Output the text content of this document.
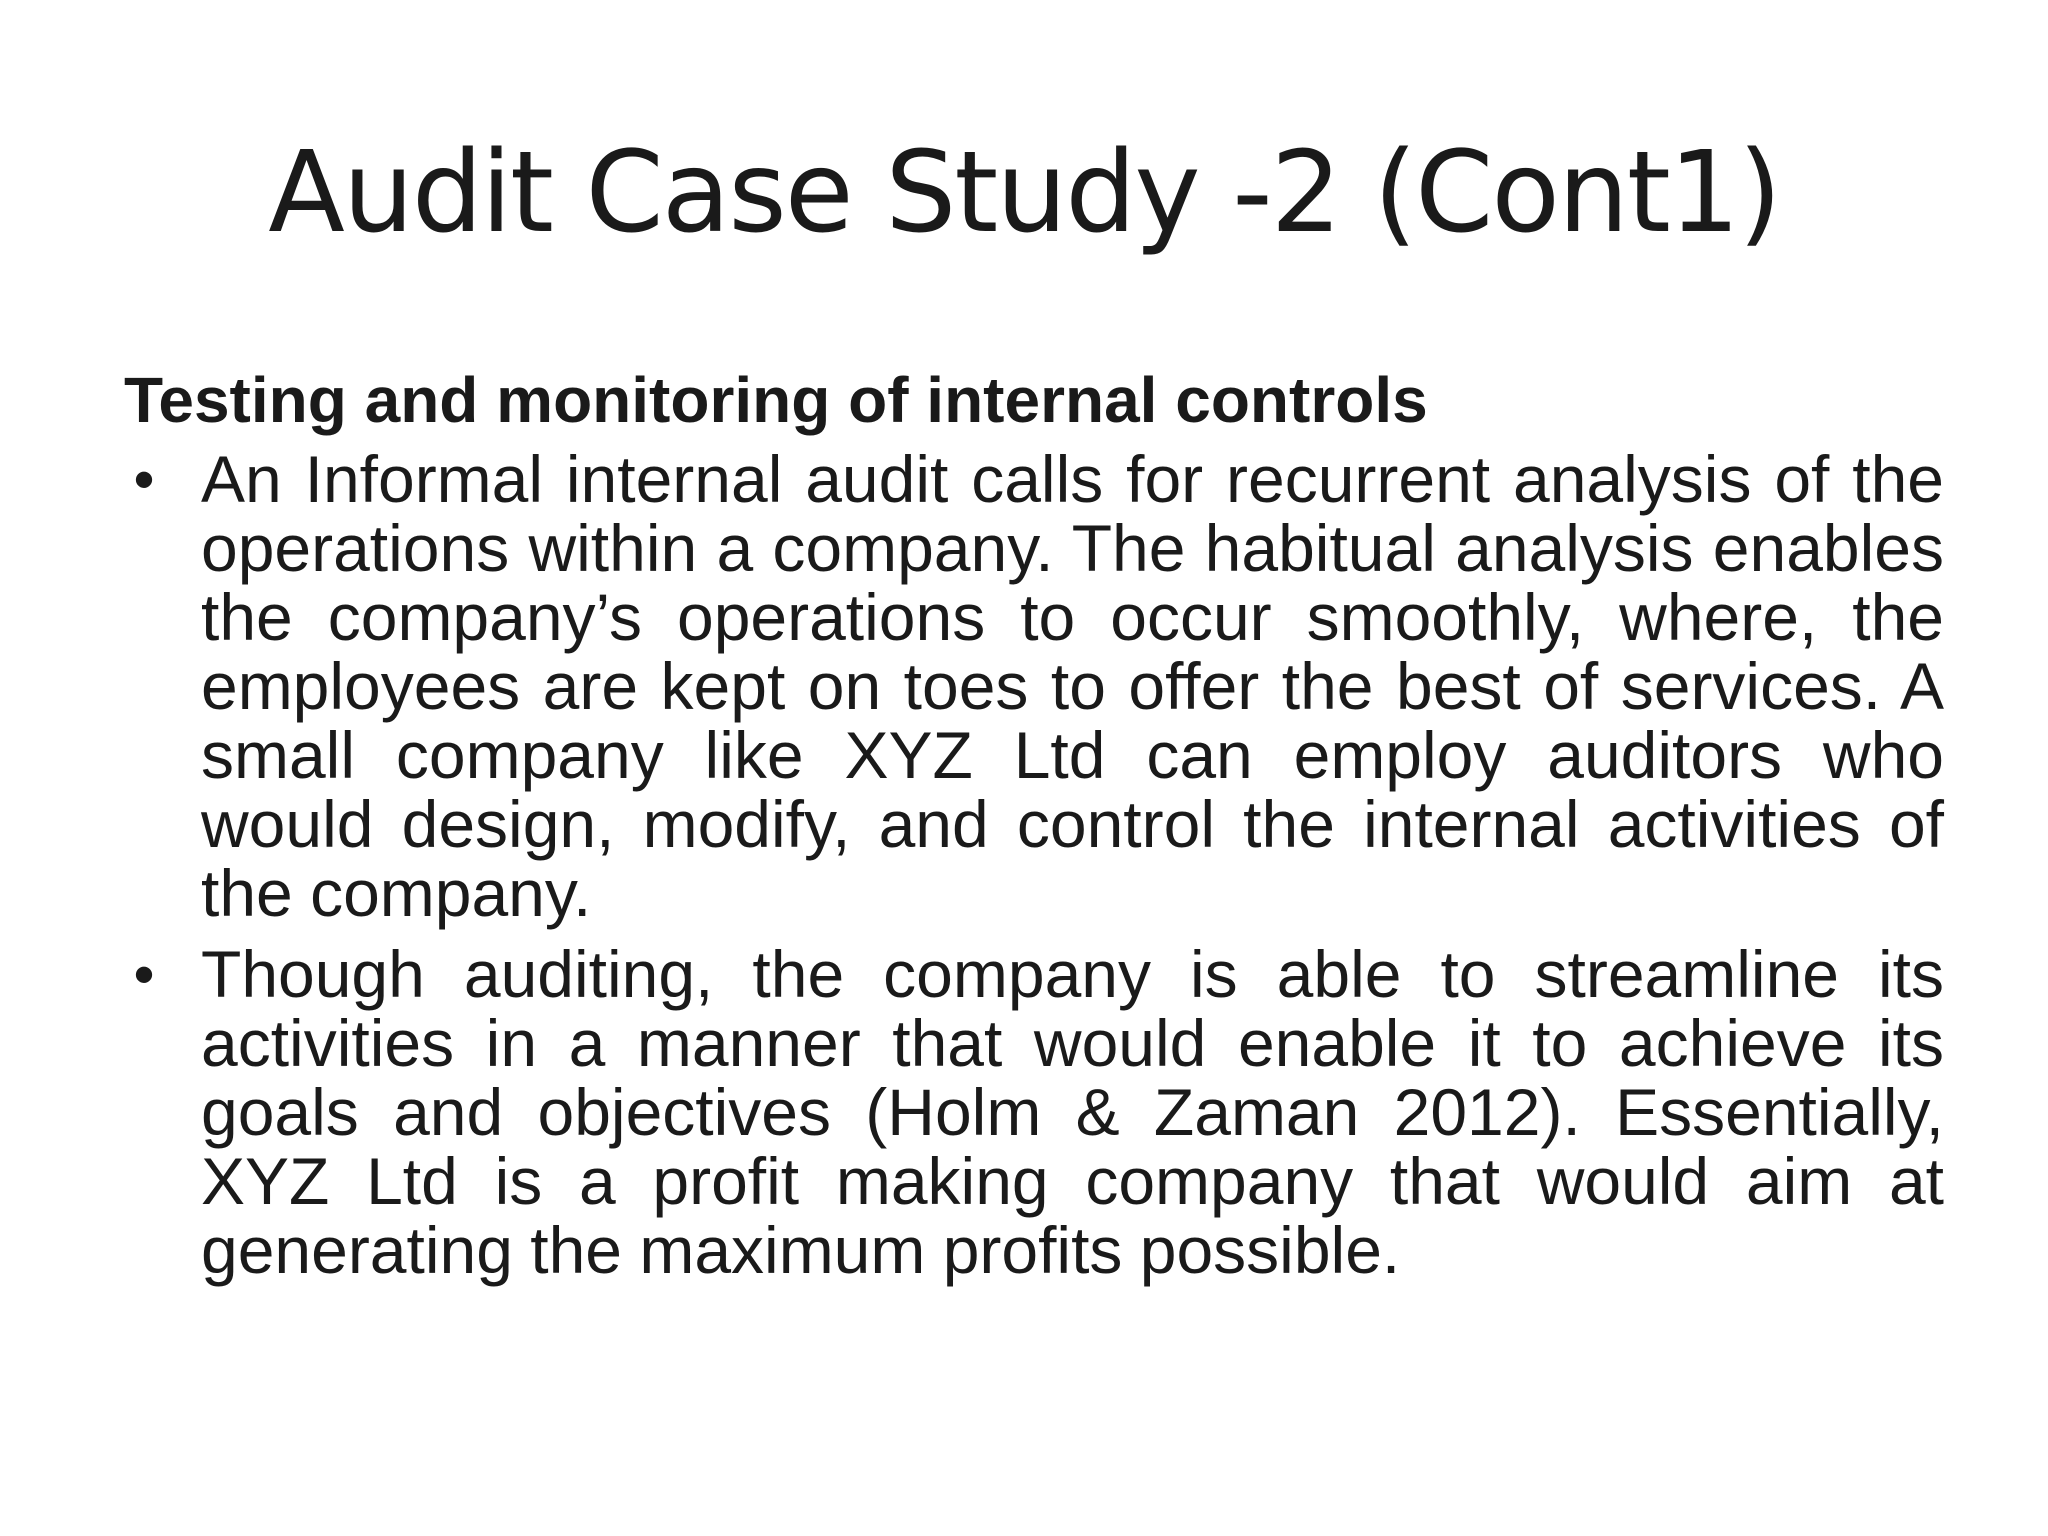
Audit Case Study -2 (Cont1)
Testing and monitoring of internal controls
• An Informal internal audit calls for recurrent analysis of the operations within a company. The habitual analysis enables the company’s operations to occur smoothly, where, the employees are kept on toes to offer the best of services. A small company like XYZ Ltd can employ auditors who would design, modify, and control the internal activities of the company.
• Though auditing, the company is able to streamline its activities in a manner that would enable it to achieve its goals and objectives (Holm & Zaman 2012). Essentially, XYZ Ltd is a profit making company that would aim at generating the maximum profits possible.
